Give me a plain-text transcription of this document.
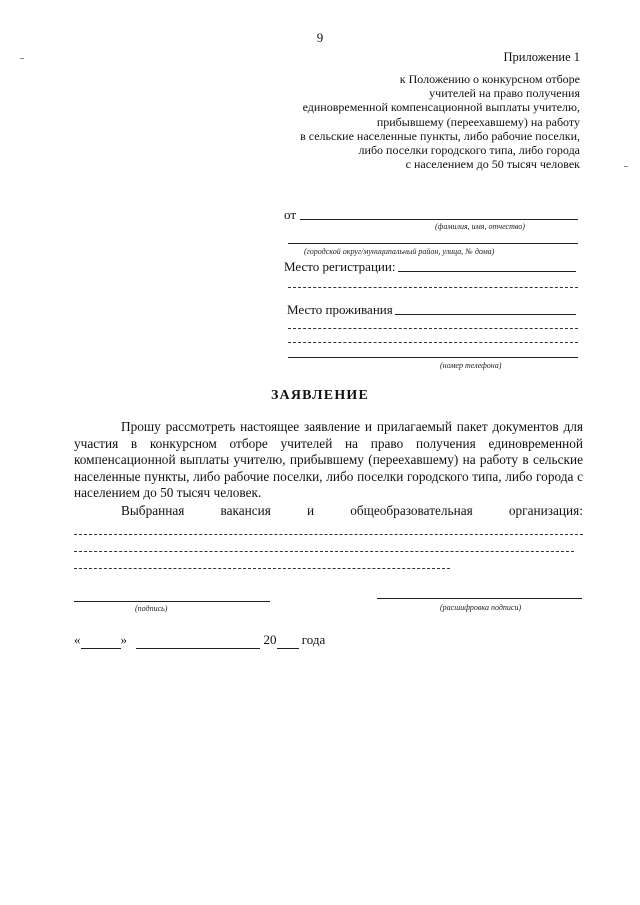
9
Приложение 1
к Положению о конкурсном отборе
учителей на право получения
единовременной компенсационной выплаты учителю,
прибывшему (переехавшему) на работу
в сельские населенные пункты, либо рабочие поселки,
либо поселки городского типа, либо города
с населением до 50 тысяч человек
от
(фамилия, имя, отчество)
(городской округ/муниципальный район, улица, № дома)
Место регистрации:
Место проживания
(номер телефона)
ЗАЯВЛЕНИЕ
Прошу рассмотреть настоящее заявление и прилагаемый пакет документов для участия в конкурсном отборе учителей на право получения единовременной компенсационной выплаты учителю, прибывшему (переехавшему) на работу в сельские населенные пункты, либо рабочие поселки, либо поселки городского типа, либо города с населением до 50 тысяч человек.
Выбранная	вакансия	и	общеобразовательная	организация:
(подпись)	(расшифровка подписи)
«	»	20 года
